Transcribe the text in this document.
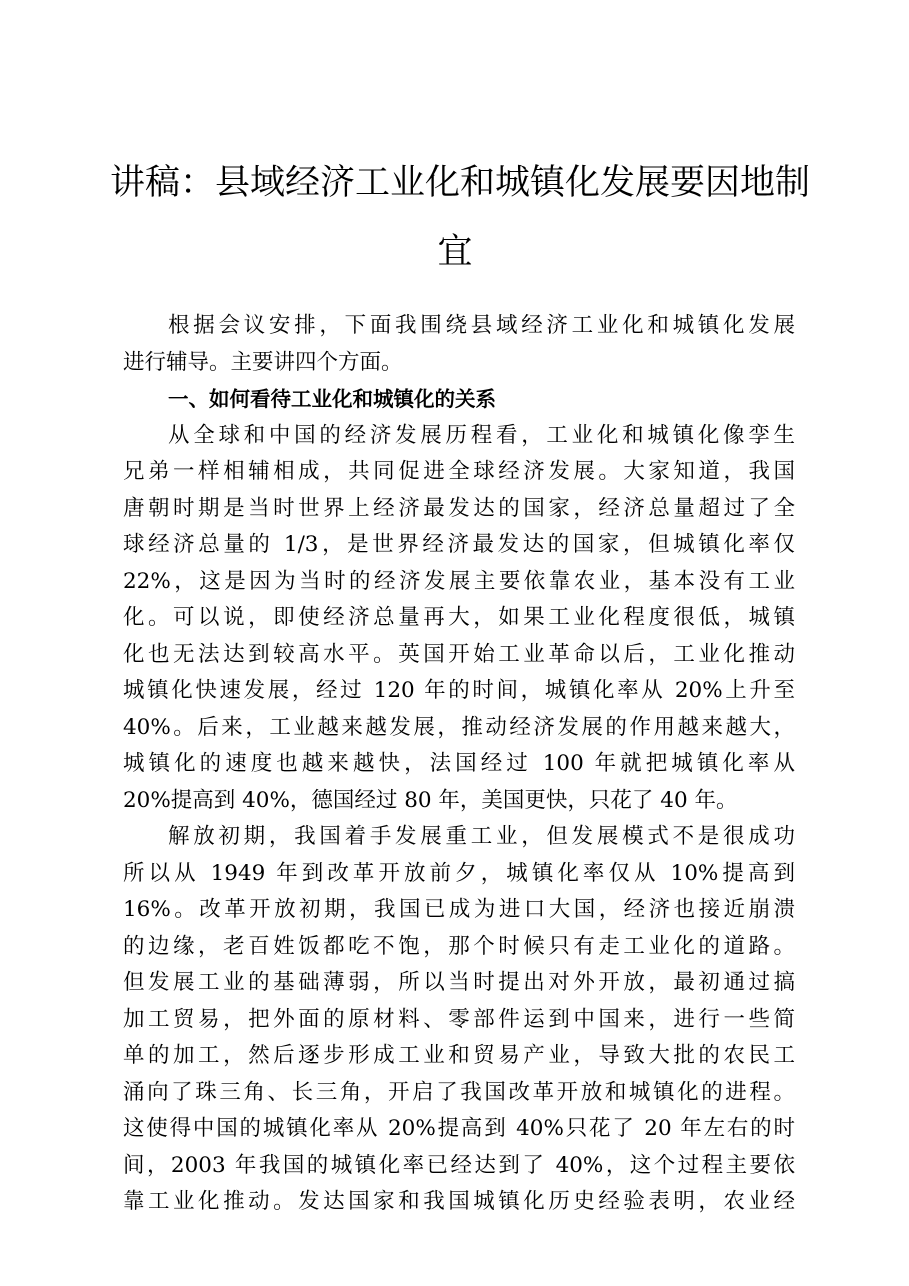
讲稿：县域经济工业化和城镇化发展要因地制
宜
根据会议安排，下面我围绕县域经济工业化和城镇化发展
进行辅导。主要讲四个方面。
一、如何看待工业化和城镇化的关系
从全球和中国的经济发展历程看，工业化和城镇化像孪生
兄弟一样相辅相成，共同促进全球经济发展。大家知道，我国
唐朝时期是当时世界上经济最发达的国家，经济总量超过了全
球经济总量的 1/3，是世界经济最发达的国家，但城镇化率仅
22%，这是因为当时的经济发展主要依靠农业，基本没有工业
化。可以说，即使经济总量再大，如果工业化程度很低，城镇
化也无法达到较高水平。英国开始工业革命以后，工业化推动
城镇化快速发展，经过 120 年的时间，城镇化率从 20%上升至
40%。后来，工业越来越发展，推动经济发展的作用越来越大，
城镇化的速度也越来越快，法国经过 100 年就把城镇化率从
20%提高到 40%，德国经过 80 年，美国更快，只花了 40 年。
解放初期，我国着手发展重工业，但发展模式不是很成功
所以从 1949 年到改革开放前夕，城镇化率仅从 10%提高到
16%。改革开放初期，我国已成为进口大国，经济也接近崩溃
的边缘，老百姓饭都吃不饱，那个时候只有走工业化的道路。
但发展工业的基础薄弱，所以当时提出对外开放，最初通过搞
加工贸易，把外面的原材料、零部件运到中国来，进行一些简
单的加工，然后逐步形成工业和贸易产业，导致大批的农民工
涌向了珠三角、长三角，开启了我国改革开放和城镇化的进程。
这使得中国的城镇化率从 20%提高到 40%只花了 20 年左右的时
间，2003 年我国的城镇化率已经达到了 40%，这个过程主要依
靠工业化推动。发达国家和我国城镇化历史经验表明，农业经
